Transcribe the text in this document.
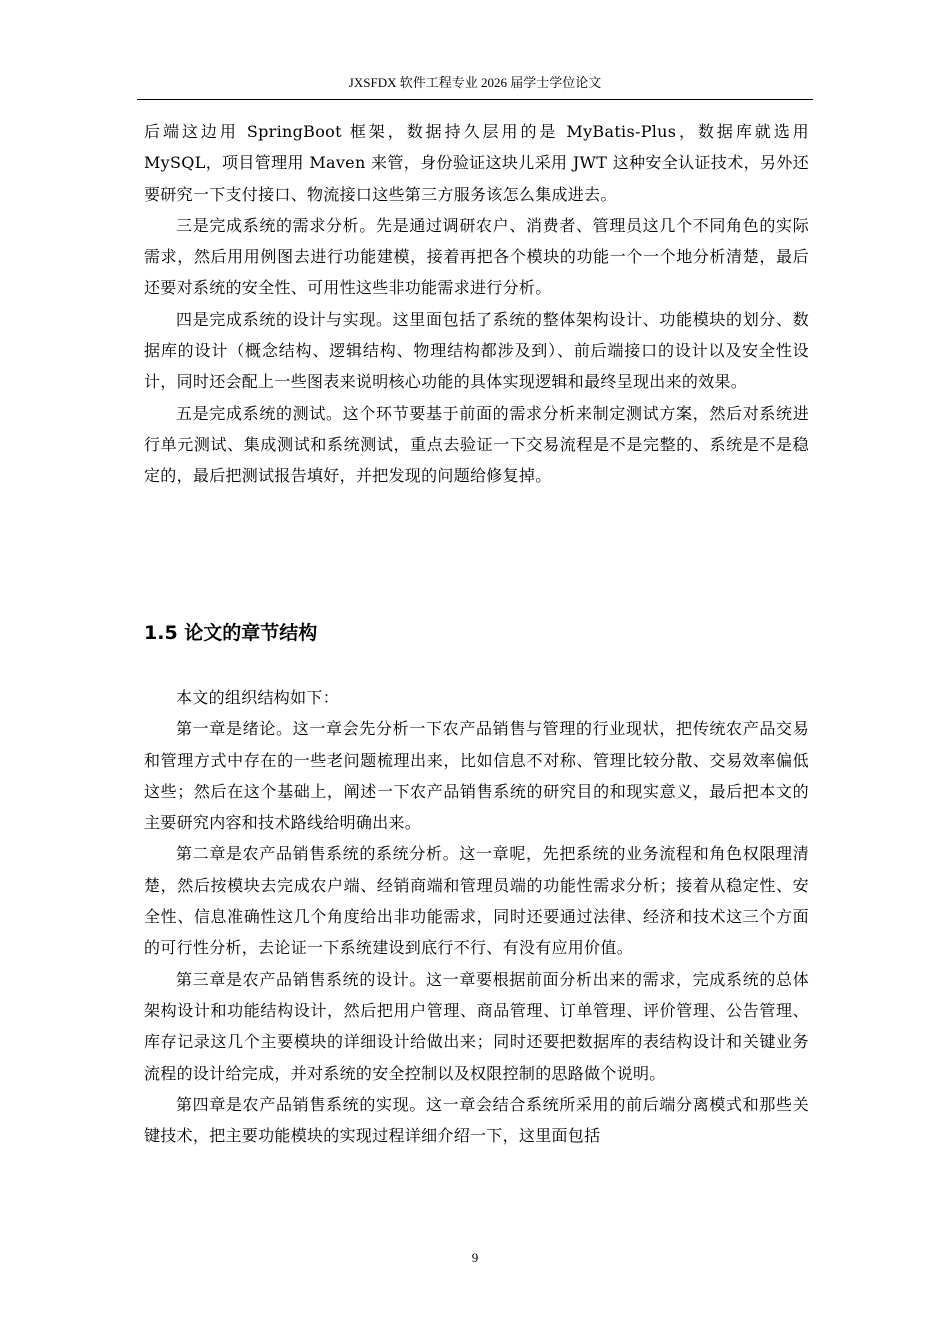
JXSFDX 软件工程专业 2026 届学士学位论文

后端这边用 SpringBoot 框架，数据持久层用的是 MyBatis-Plus，数据库就选用 MySQL，项目管理用 Maven 来管，身份验证这块儿采用 JWT 这种安全认证技术，另外还要研究一下支付接口、物流接口这些第三方服务该怎么集成进去。

三是完成系统的需求分析。先是通过调研农户、消费者、管理员这几个不同角色的实际需求，然后用用例图去进行功能建模，接着再把各个模块的功能一个一个地分析清楚，最后还要对系统的安全性、可用性这些非功能需求进行分析。

四是完成系统的设计与实现。这里面包括了系统的整体架构设计、功能模块的划分、数据库的设计（概念结构、逻辑结构、物理结构都涉及到）、前后端接口的设计以及安全性设计，同时还会配上一些图表来说明核心功能的具体实现逻辑和最终呈现出来的效果。

五是完成系统的测试。这个环节要基于前面的需求分析来制定测试方案，然后对系统进行单元测试、集成测试和系统测试，重点去验证一下交易流程是不是完整的、系统是不是稳定的，最后把测试报告填好，并把发现的问题给修复掉。

1.5 论文的章节结构

本文的组织结构如下：

第一章是绪论。这一章会先分析一下农产品销售与管理的行业现状，把传统农产品交易和管理方式中存在的一些老问题梳理出来，比如信息不对称、管理比较分散、交易效率偏低这些；然后在这个基础上，阐述一下农产品销售系统的研究目的和现实意义，最后把本文的主要研究内容和技术路线给明确出来。

第二章是农产品销售系统的系统分析。这一章呢，先把系统的业务流程和角色权限理清楚，然后按模块去完成农户端、经销商端和管理员端的功能性需求分析；接着从稳定性、安全性、信息准确性这几个角度给出非功能需求，同时还要通过法律、经济和技术这三个方面的可行性分析，去论证一下系统建设到底行不行、有没有应用价值。

第三章是农产品销售系统的设计。这一章要根据前面分析出来的需求，完成系统的总体架构设计和功能结构设计，然后把用户管理、商品管理、订单管理、评价管理、公告管理、库存记录这几个主要模块的详细设计给做出来；同时还要把数据库的表结构设计和关键业务流程的设计给完成，并对系统的安全控制以及权限控制的思路做个说明。

第四章是农产品销售系统的实现。这一章会结合系统所采用的前后端分离模式和那些关键技术，把主要功能模块的实现过程详细介绍一下，这里面包括

9
